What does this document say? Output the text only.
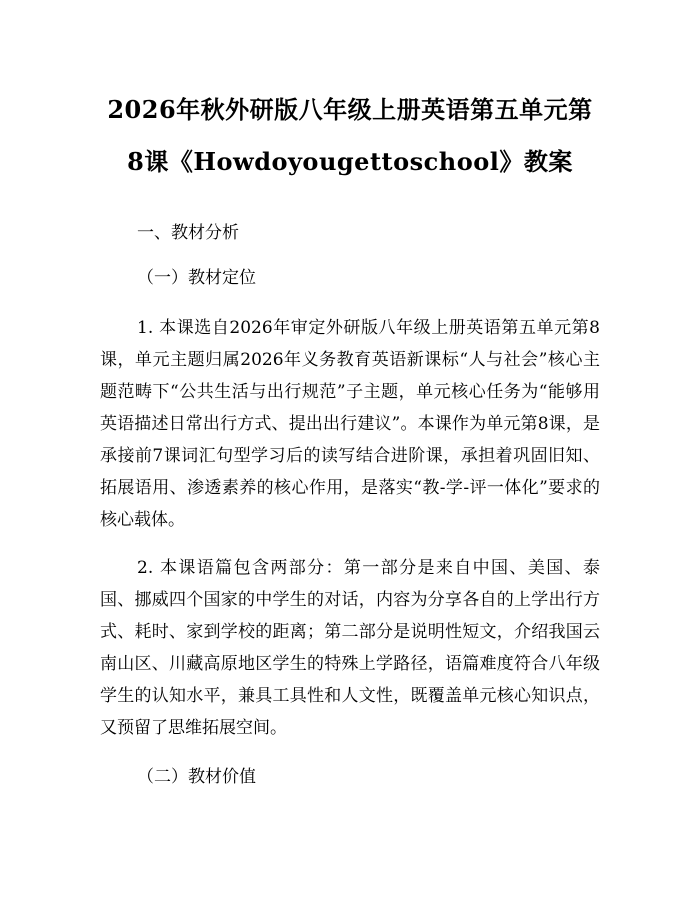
2026年秋外研版八年级上册英语第五单元第
8课《Howdoyougettoschool》教案

一、教材分析

（一）教材定位

1. 本课选自2026年审定外研版八年级上册英语第五单元第8课，单元主题归属2026年义务教育英语新课标“人与社会”核心主题范畴下“公共生活与出行规范”子主题，单元核心任务为“能够用英语描述日常出行方式、提出出行建议”。本课作为单元第8课，是承接前7课词汇句型学习后的读写结合进阶课，承担着巩固旧知、拓展语用、渗透素养的核心作用，是落实“教-学-评一体化”要求的核心载体。

2. 本课语篇包含两部分：第一部分是来自中国、美国、泰国、挪威四个国家的中学生的对话，内容为分享各自的上学出行方式、耗时、家到学校的距离；第二部分是说明性短文，介绍我国云南山区、川藏高原地区学生的特殊上学路径，语篇难度符合八年级学生的认知水平，兼具工具性和人文性，既覆盖单元核心知识点，又预留了思维拓展空间。

（二）教材价值
